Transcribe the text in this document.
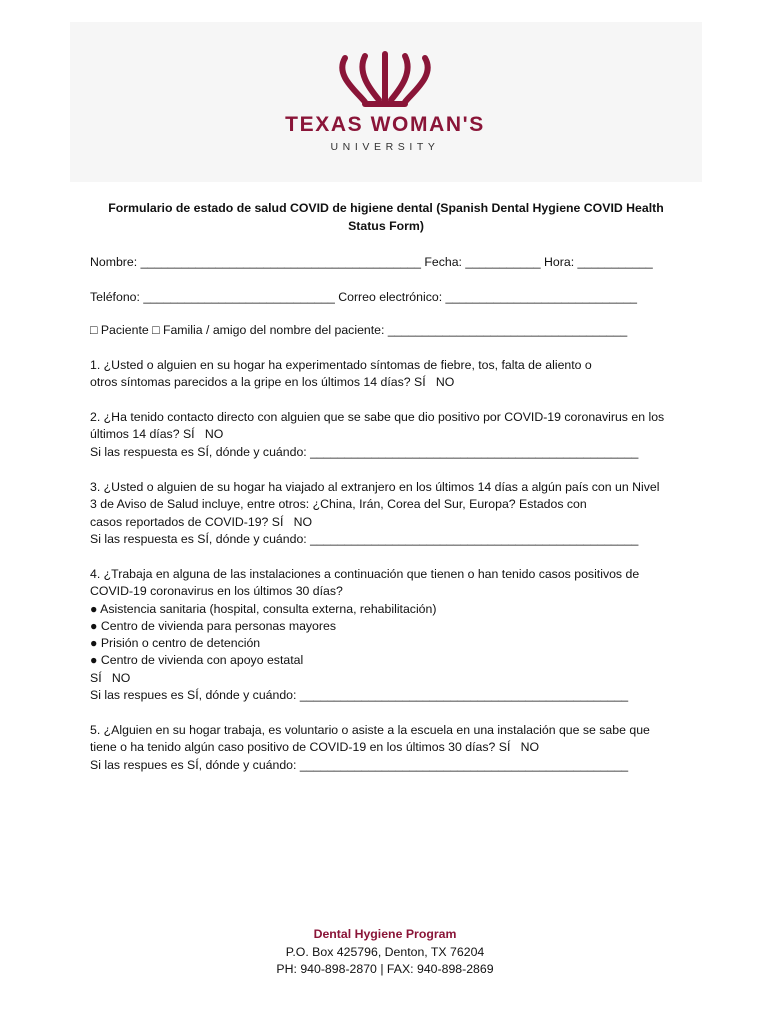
TEXAS WOMAN'S
UNIVERSITY
Formulario de estado de salud COVID de higiene dental (Spanish Dental Hygiene COVID Health Status Form)
Nombre: _________________________________________ Fecha: ___________ Hora: ___________
Teléfono: ____________________________ Correo electrónico: ____________________________
□ Paciente □ Familia / amigo del nombre del paciente: ___________________________________
1. ¿Usted o alguien en su hogar ha experimentado síntomas de fiebre, tos, falta de aliento o
otros síntomas parecidos a la gripe en los últimos 14 días? SÍ   NO
2. ¿Ha tenido contacto directo con alguien que se sabe que dio positivo por COVID-19 coronavirus en los
últimos 14 días? SÍ   NO
Si las respuesta es SÍ, dónde y cuándo: ________________________________________________
3. ¿Usted o alguien de su hogar ha viajado al extranjero en los últimos 14 días a algún país con un Nivel
3 de Aviso de Salud incluye, entre otros: ¿China, Irán, Corea del Sur, Europa? Estados con
casos reportados de COVID-19? SÍ   NO
Si las respuesta es SÍ, dónde y cuándo: ________________________________________________
4. ¿Trabaja en alguna de las instalaciones a continuación que tienen o han tenido casos positivos de
COVID-19 coronavirus en los últimos 30 días?
● Asistencia sanitaria (hospital, consulta externa, rehabilitación)
● Centro de vivienda para personas mayores
● Prisión o centro de detención
● Centro de vivienda con apoyo estatal
SÍ   NO
Si las respues es SÍ, dónde y cuándo: ________________________________________________
5. ¿Alguien en su hogar trabaja, es voluntario o asiste a la escuela en una instalación que se sabe que
tiene o ha tenido algún caso positivo de COVID-19 en los últimos 30 días? SÍ   NO
Si las respues es SÍ, dónde y cuándo: ________________________________________________
Dental Hygiene Program
P.O. Box 425796, Denton, TX 76204
PH: 940-898-2870 | FAX: 940-898-2869
